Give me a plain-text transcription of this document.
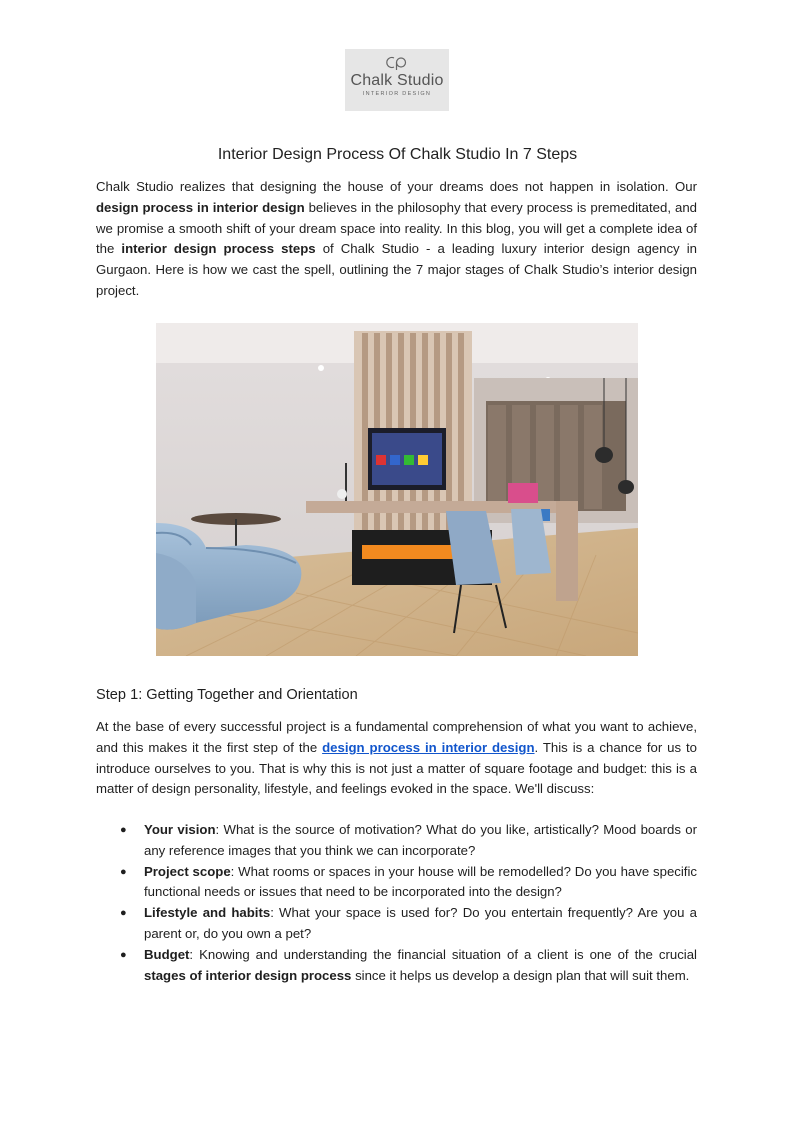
Chalk Studio
INTERIOR DESIGN
Interior Design Process Of Chalk Studio In 7 Steps

Chalk Studio realizes that designing the house of your dreams does not happen in isolation. Our design process in interior design believes in the philosophy that every process is premeditated, and we promise a smooth shift of your dream space into reality. In this blog, you will get a complete idea of the interior design process steps of Chalk Studio - a leading luxury interior design agency in Gurgaon. Here is how we cast the spell, outlining the 7 major stages of Chalk Studio’s interior design project.

Step 1: Getting Together and Orientation

At the base of every successful project is a fundamental comprehension of what you want to achieve, and this makes it the first step of the design process in interior design. This is a chance for us to introduce ourselves to you. That is why this is not just a matter of square footage and budget: this is a matter of design personality, lifestyle, and feelings evoked in the space. We'll discuss:

● Your vision: What is the source of motivation? What do you like, artistically? Mood boards or any reference images that you think we can incorporate?
● Project scope: What rooms or spaces in your house will be remodelled? Do you have specific functional needs or issues that need to be incorporated into the design?
● Lifestyle and habits: What your space is used for? Do you entertain frequently? Are you a parent or, do you own a pet?
● Budget: Knowing and understanding the financial situation of a client is one of the crucial stages of interior design process since it helps us develop a design plan that will suit them.
